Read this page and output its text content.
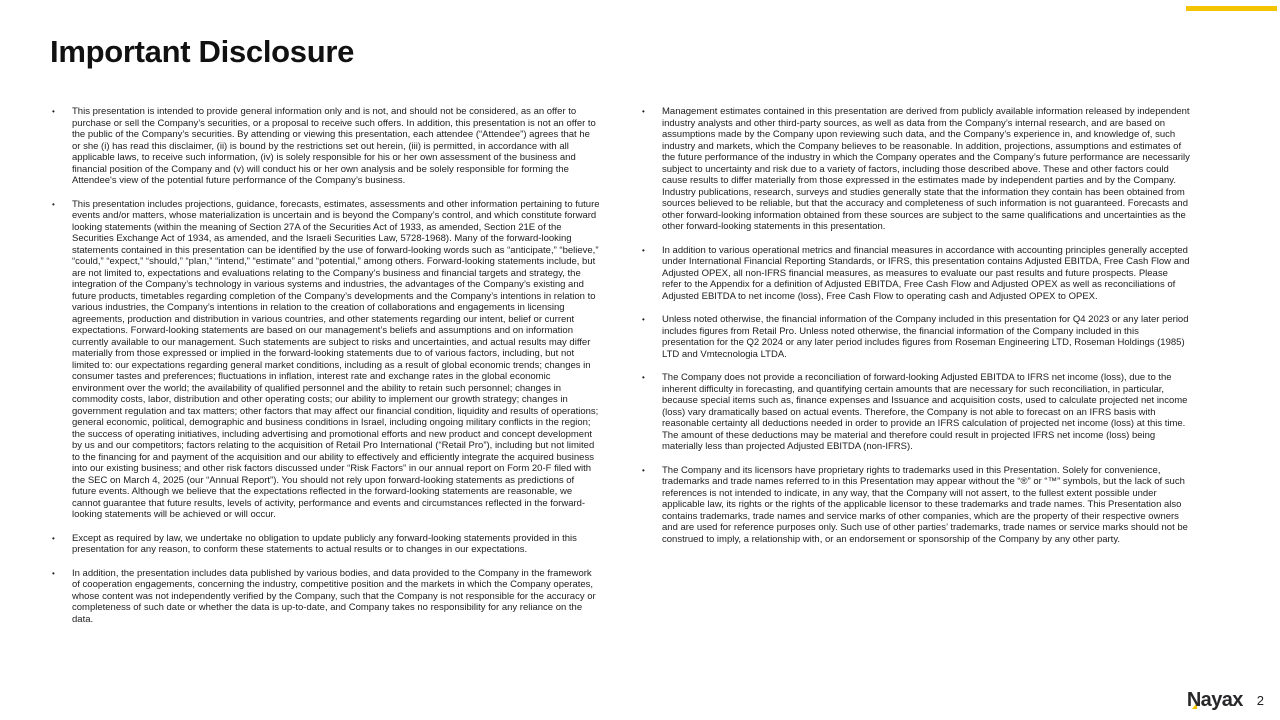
Important Disclosure
•	This presentation is intended to provide general information only and is not, and should not be considered, as an offer to purchase or sell the Company’s securities, or a proposal to receive such offers. In addition, this presentation is not an offer to the public of the Company’s securities. By attending or viewing this presentation, each attendee (“Attendee”) agrees that he or she (i) has read this disclaimer, (ii) is bound by the restrictions set out herein, (iii) is permitted, in accordance with all applicable laws, to receive such information, (iv) is solely responsible for his or her own assessment of the business and financial position of the Company and (v) will conduct his or her own analysis and be solely responsible for forming the Attendee's view of the potential future performance of the Company’s business.
•	This presentation includes projections, guidance, forecasts, estimates, assessments and other information pertaining to future events and/or matters, whose materialization is uncertain and is beyond the Company’s control, and which constitute forward looking statements (within the meaning of Section 27A of the Securities Act of 1933, as amended, Section 21E of the Securities Exchange Act of 1934, as amended, and the Israeli Securities Law, 5728-1968). Many of the forward-looking statements contained in this presentation can be identified by the use of forward-looking words such as “anticipate,” “believe,” “could,” “expect,” “should,” “plan,” “intend,” “estimate” and “potential,” among others. Forward-looking statements include, but are not limited to, expectations and evaluations relating to the Company’s business and financial targets and strategy, the integration of the Company’s technology in various systems and industries, the advantages of the Company’s existing and future products, timetables regarding completion of the Company’s developments and the Company’s intentions in relation to various industries, the Company’s intentions in relation to the creation of collaborations and engagements in licensing agreements, production and distribution in various countries, and other statements regarding our intent, belief or current expectations. Forward-looking statements are based on our management’s beliefs and assumptions and on information currently available to our management. Such statements are subject to risks and uncertainties, and actual results may differ materially from those expressed or implied in the forward-looking statements due to of various factors, including, but not limited to: our expectations regarding general market conditions, including as a result of global economic trends; changes in consumer tastes and preferences; fluctuations in inflation, interest rate and exchange rates in the global economic environment over the world; the availability of qualified personnel and the ability to retain such personnel; changes in commodity costs, labor, distribution and other operating costs; our ability to implement our growth strategy; changes in government regulation and tax matters; other factors that may affect our financial condition, liquidity and results of operations; general economic, political, demographic and business conditions in Israel, including ongoing military conflicts in the region; the success of operating initiatives, including advertising and promotional efforts and new product and concept development by us and our competitors; factors relating to the acquisition of Retail Pro International (“Retail Pro”), including but not limited to the financing for and payment of the acquisition and our ability to effectively and efficiently integrate the acquired business into our existing business; and other risk factors discussed under “Risk Factors” in our annual report on Form 20-F filed with the SEC on March 4, 2025 (our “Annual Report”). You should not rely upon forward-looking statements as predictions of future events. Although we believe that the expectations reflected in the forward-looking statements are reasonable, we cannot guarantee that future results, levels of activity, performance and events and circumstances reflected in the forward-looking statements will be achieved or will occur.
•	Except as required by law, we undertake no obligation to update publicly any forward-looking statements provided in this presentation for any reason, to conform these statements to actual results or to changes in our expectations.
•	In addition, the presentation includes data published by various bodies, and data provided to the Company in the framework of cooperation engagements, concerning the industry, competitive position and the markets in which the Company operates, whose content was not independently verified by the Company, such that the Company is not responsible for the accuracy or completeness of such date or whether the data is up-to-date, and Company takes no responsibility for any reliance on the data.
•	Management estimates contained in this presentation are derived from publicly available information released by independent industry analysts and other third-party sources, as well as data from the Company’s internal research, and are based on assumptions made by the Company upon reviewing such data, and the Company’s experience in, and knowledge of, such industry and markets, which the Company believes to be reasonable. In addition, projections, assumptions and estimates of the future performance of the industry in which the Company operates and the Company’s future performance are necessarily subject to uncertainty and risk due to a variety of factors, including those described above. These and other factors could cause results to differ materially from those expressed in the estimates made by independent parties and by the Company. Industry publications, research, surveys and studies generally state that the information they contain has been obtained from sources believed to be reliable, but that the accuracy and completeness of such information is not guaranteed. Forecasts and other forward-looking information obtained from these sources are subject to the same qualifications and uncertainties as the other forward-looking statements in this presentation.
•	In addition to various operational metrics and financial measures in accordance with accounting principles generally accepted under International Financial Reporting Standards, or IFRS, this presentation contains Adjusted EBITDA, Free Cash Flow and Adjusted OPEX, all non-IFRS financial measures, as measures to evaluate our past results and future prospects. Please refer to the Appendix for a definition of Adjusted EBITDA, Free Cash Flow and Adjusted OPEX as well as reconciliations of Adjusted EBITDA to net income (loss), Free Cash Flow to operating cash and Adjusted OPEX to OPEX.
•	Unless noted otherwise, the financial information of the Company included in this presentation for Q4 2023 or any later period includes figures from Retail Pro. Unless noted otherwise, the financial information of the Company included in this presentation for the Q2 2024 or any later period includes figures from Roseman Engineering LTD, Roseman Holdings (1985) LTD and Vmtecnologia LTDA.
•	The Company does not provide a reconciliation of forward-looking Adjusted EBITDA to IFRS net income (loss), due to the inherent difficulty in forecasting, and quantifying certain amounts that are necessary for such reconciliation, in particular, because special items such as, finance expenses and Issuance and acquisition costs, used to calculate projected net income (loss) vary dramatically based on actual events. Therefore, the Company is not able to forecast on an IFRS basis with reasonable certainty all deductions needed in order to provide an IFRS calculation of projected net income (loss) at this time. The amount of these deductions may be material and therefore could result in projected IFRS net income (loss) being materially less than projected Adjusted EBITDA (non-IFRS).
•	The Company and its licensors have proprietary rights to trademarks used in this Presentation. Solely for convenience, trademarks and trade names referred to in this Presentation may appear without the “®” or “™” symbols, but the lack of such references is not intended to indicate, in any way, that the Company will not assert, to the fullest extent possible under applicable law, its rights or the rights of the applicable licensor to these trademarks and trade names. This Presentation also contains trademarks, trade names and service marks of other companies, which are the property of their respective owners and are used for reference purposes only. Such use of other parties’ trademarks, trade names or service marks should not be construed to imply, a relationship with, or an endorsement or sponsorship of the Company by any other party.
Nayax 2
